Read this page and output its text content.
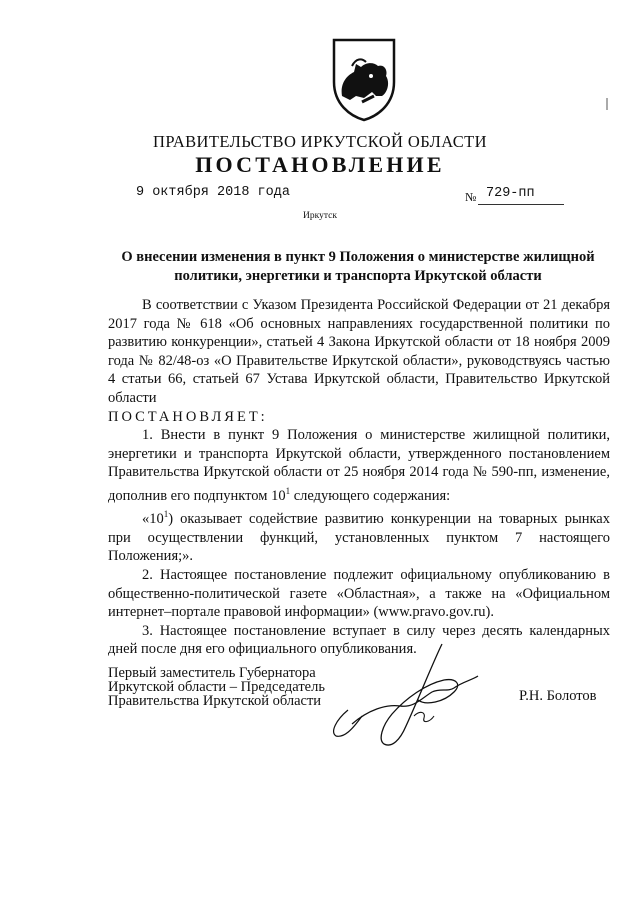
ПРАВИТЕЛЬСТВО ИРКУТСКОЙ ОБЛАСТИ
ПОСТАНОВЛЕНИЕ
9 октября 2018 года	№ 729-пп
Иркутск
О внесении изменения в пункт 9 Положения о министерстве жилищной политики, энергетики и транспорта Иркутской области

В соответствии с Указом Президента Российской Федерации от 21 декабря 2017 года № 618 «Об основных направлениях государственной политики по развитию конкуренции», статьей 4 Закона Иркутской области от 18 ноября 2009 года № 82/48-оз «О Правительстве Иркутской области», руководствуясь частью 4 статьи 66, статьей 67 Устава Иркутской области, Правительство Иркутской области

ПОСТАНОВЛЯЕТ:

1. Внести в пункт 9 Положения о министерстве жилищной политики, энергетики и транспорта Иркутской области, утвержденного постановлением Правительства Иркутской области от 25 ноября 2014 года № 590-пп, изменение, дополнив его подпунктом $10^1$ следующего содержания:

«$10^1$) оказывает содействие развитию конкуренции на товарных рынках при осуществлении функций, установленных пунктом 7 настоящего Положения;».

2. Настоящее постановление подлежит официальному опубликованию в общественно-политической газете «Областная», а также на «Официальном интернет–портале правовой информации» (www.pravo.gov.ru).

3. Настоящее постановление вступает в силу через десять календарных дней после дня его официального опубликования.

Первый заместитель Губернатора
Иркутской области – Председатель
Правительства Иркутской области	Р.Н. Болотов
